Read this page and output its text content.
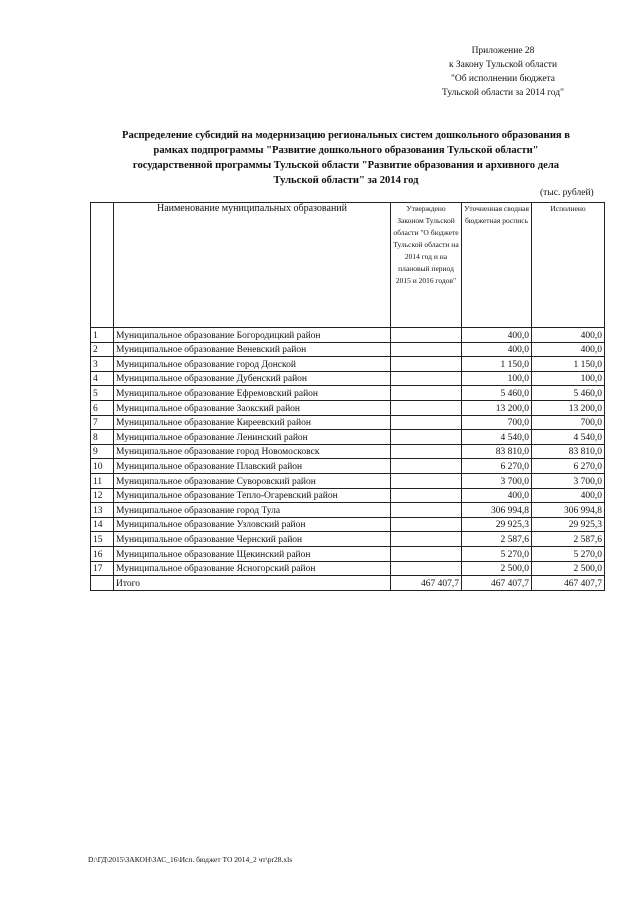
Приложение 28
к Закону Тульской области
"Об исполнении бюджета
Тульской области за 2014 год"
Распределение субсидий на модернизацию региональных систем дошкольного образования в
рамках подпрограммы "Развитие дошкольного образования Тульской области"
государственной программы Тульской области "Развитие образования и архивного дела
Тульской области" за 2014 год
(тыс. рублей)
	Наименование муниципальных образований	Утверждено Законом Тульской области "О бюджете Тульской области на 2014 год и на плановый период 2015 и 2016 годов"	Уточненная сводная бюджетная роспись	Исполнено
1	Муниципальное образование Богородицкий район		400,0	400,0
2	Муниципальное образование Веневский район		400,0	400,0
3	Муниципальное образование город Донской		1 150,0	1 150,0
4	Муниципальное образование Дубенский район		100,0	100,0
5	Муниципальное образование Ефремовский район		5 460,0	5 460,0
6	Муниципальное образование Заокский район		13 200,0	13 200,0
7	Муниципальное образование Киреевский район		700,0	700,0
8	Муниципальное образование Ленинский район		4 540,0	4 540,0
9	Муниципальное образование город Новомосковск		83 810,0	83 810,0
10	Муниципальное образование Плавский район		6 270,0	6 270,0
11	Муниципальное образование Суворовский район		3 700,0	3 700,0
12	Муниципальное образование Тепло-Огаревский район		400,0	400,0
13	Муниципальное образование город Тула		306 994,8	306 994,8
14	Муниципальное образование Узловский район		29 925,3	29 925,3
15	Муниципальное образование Чернский район		2 587,6	2 587,6
16	Муниципальное образование Щекинский район		5 270,0	5 270,0
17	Муниципальное образование Ясногорский район		2 500,0	2 500,0
	Итого	467 407,7	467 407,7	467 407,7
D:\ГД\2015\ЗАКОН\ЗАС_16\Исп. бюджет ТО 2014_2 чт\pr28.xls
